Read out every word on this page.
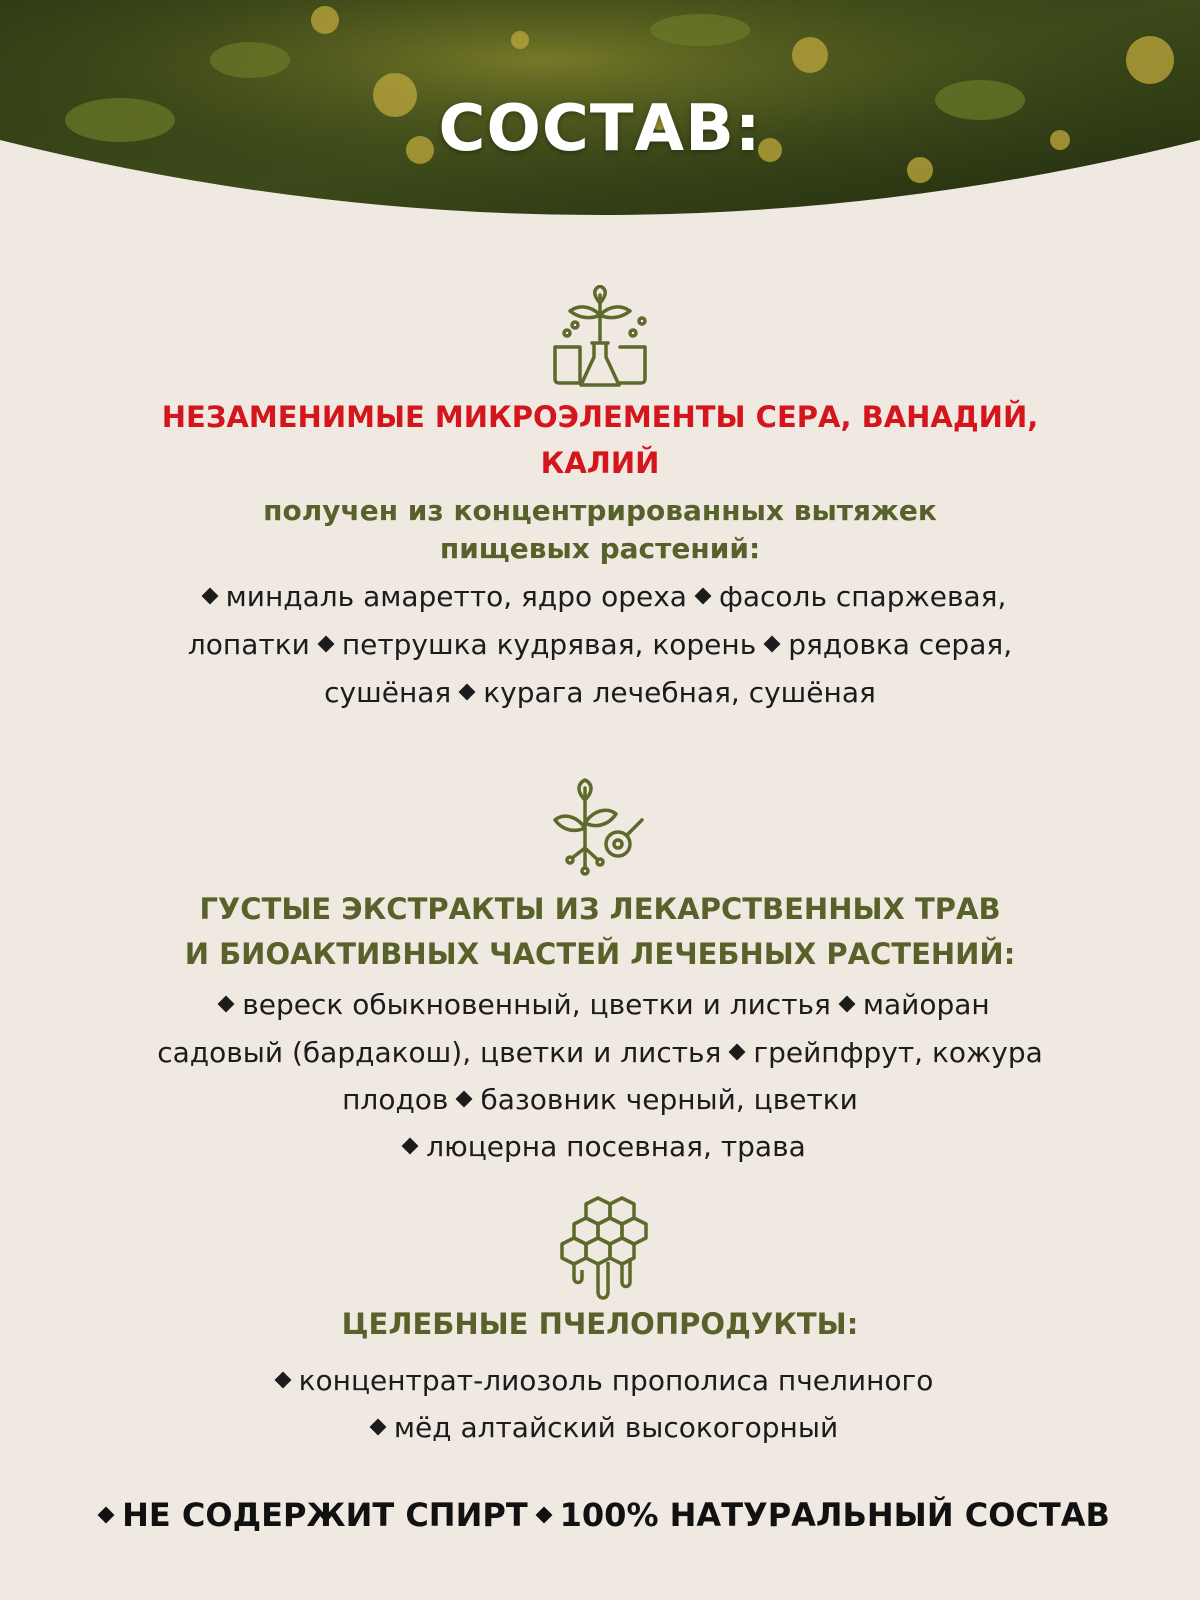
СОСТАВ:
НЕЗАМЕНИМЫЕ МИКРОЭЛЕМЕНТЫ СЕРА, ВАНАДИЙ,
КАЛИЙ
получен из концентрированных вытяжек
пищевых растений:
миндаль амаретто, ядро ореха фасоль спаржевая,
лопатки петрушка кудрявая, корень рядовка серая,
сушёная курага лечебная, сушёная
ГУСТЫЕ ЭКСТРАКТЫ ИЗ ЛЕКАРСТВЕННЫХ ТРАВ
И БИОАКТИВНЫХ ЧАСТЕЙ ЛЕЧЕБНЫХ РАСТЕНИЙ:
вереск обыкновенный, цветки и листья майоран
садовый (бардакош), цветки и листья грейпфрут, кожура
плодов базовник черный, цветки
люцерна посевная, трава
ЦЕЛЕБНЫЕ ПЧЕЛОПРОДУКТЫ:
концентрат-лиозоль прополиса пчелиного
мёд алтайский высокогорный
НЕ СОДЕРЖИТ СПИРТ 100% НАТУРАЛЬНЫЙ СОСТАВ
